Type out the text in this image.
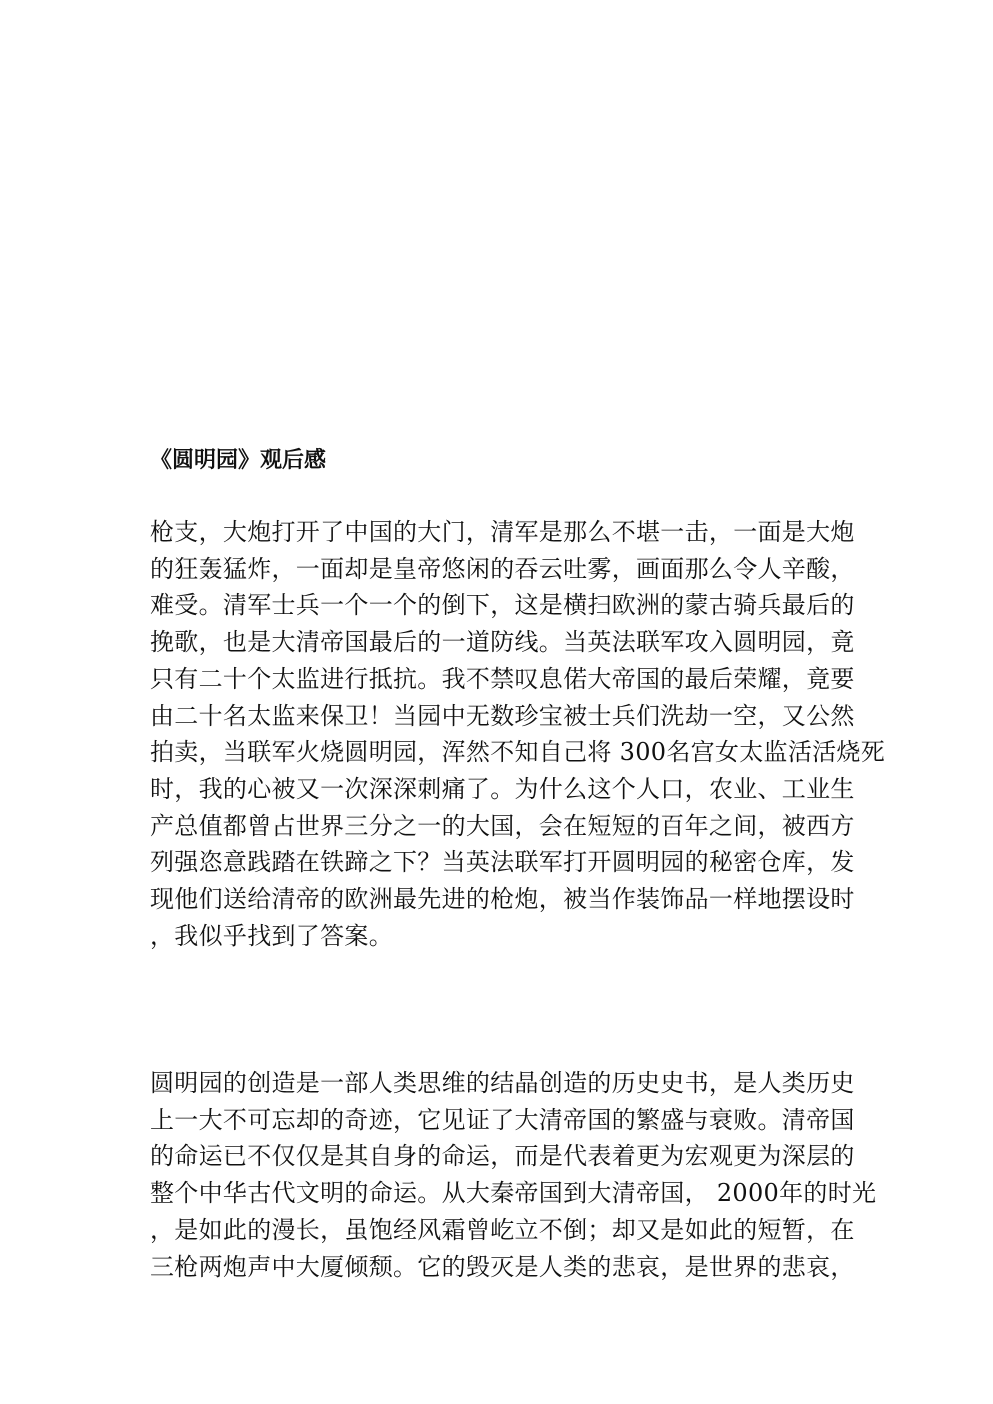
《圆明园》观后感
枪支，大炮打开了中国的大门，清军是那么不堪一击，一面是大炮
的狂轰猛炸，一面却是皇帝悠闲的吞云吐雾，画面那么令人辛酸，
难受。清军士兵一个一个的倒下，这是横扫欧洲的蒙古骑兵最后的
挽歌，也是大清帝国最后的一道防线。当英法联军攻入圆明园，竟
只有二十个太监进行抵抗。我不禁叹息偌大帝国的最后荣耀，竟要
由二十名太监来保卫！当园中无数珍宝被士兵们洗劫一空，又公然
拍卖，当联军火烧圆明园，浑然不知自己将 300名宫女太监活活烧死
时，我的心被又一次深深刺痛了。为什么这个人口，农业、工业生
产总值都曾占世界三分之一的大国，会在短短的百年之间，被西方
列强恣意践踏在铁蹄之下？当英法联军打开圆明园的秘密仓库，发
现他们送给清帝的欧洲最先进的枪炮，被当作装饰品一样地摆设时
，我似乎找到了答案。
圆明园的创造是一部人类思维的结晶创造的历史史书，是人类历史
上一大不可忘却的奇迹，它见证了大清帝国的繁盛与衰败。清帝国
的命运已不仅仅是其自身的命运，而是代表着更为宏观更为深层的
整个中华古代文明的命运。从大秦帝国到大清帝国， 2000年的时光
，是如此的漫长，虽饱经风霜曾屹立不倒；却又是如此的短暂，在
三枪两炮声中大厦倾颓。它的毁灭是人类的悲哀，是世界的悲哀，
